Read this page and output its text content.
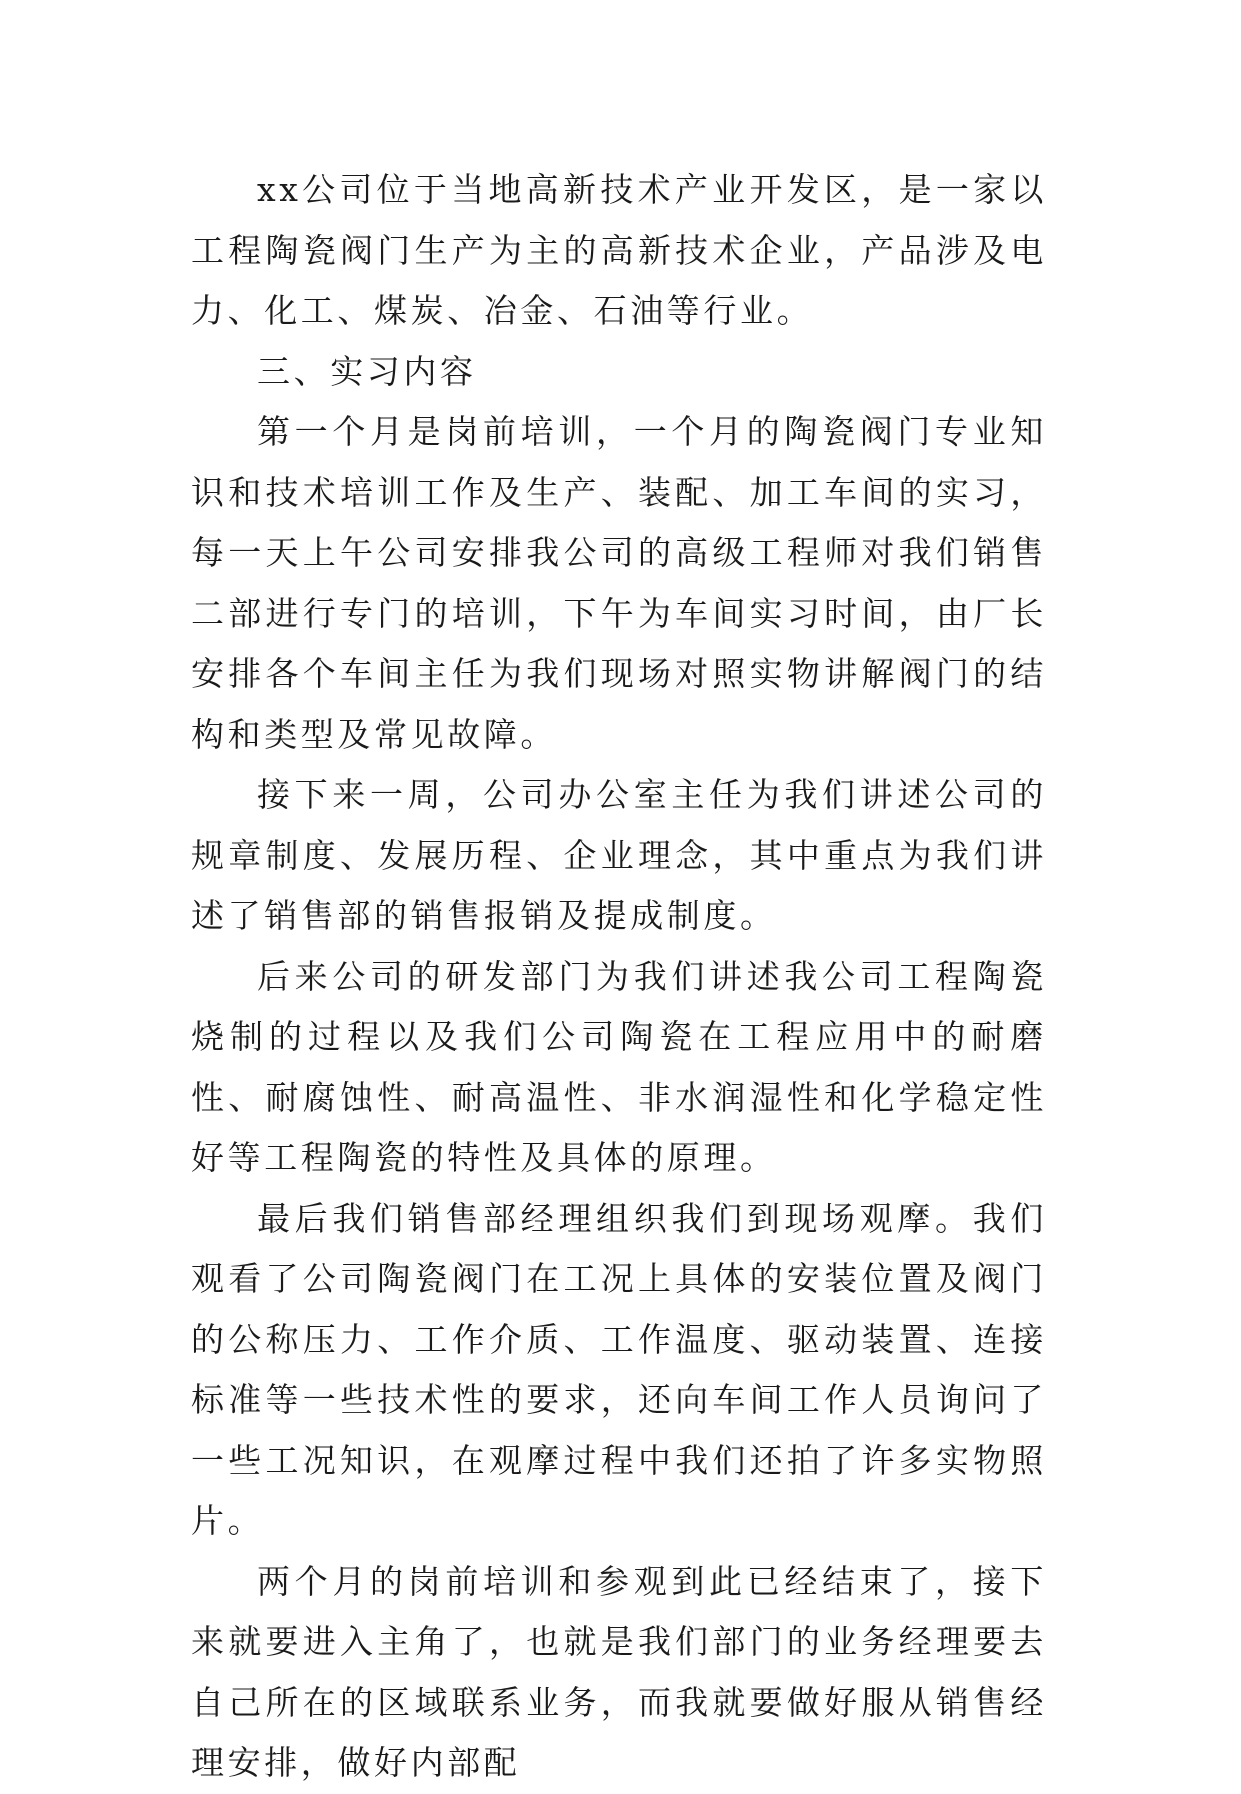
xx公司位于当地高新技术产业开发区，是一家以工程陶瓷阀门生产为主的高新技术企业，产品涉及电力、化工、煤炭、冶金、石油等行业。

三、实习内容

第一个月是岗前培训，一个月的陶瓷阀门专业知识和技术培训工作及生产、装配、加工车间的实习，每一天上午公司安排我公司的高级工程师对我们销售二部进行专门的培训，下午为车间实习时间，由厂长安排各个车间主任为我们现场对照实物讲解阀门的结构和类型及常见故障。

接下来一周，公司办公室主任为我们讲述公司的规章制度、发展历程、企业理念，其中重点为我们讲述了销售部的销售报销及提成制度。

后来公司的研发部门为我们讲述我公司工程陶瓷烧制的过程以及我们公司陶瓷在工程应用中的耐磨性、耐腐蚀性、耐高温性、非水润湿性和化学稳定性好等工程陶瓷的特性及具体的原理。

最后我们销售部经理组织我们到现场观摩。我们观看了公司陶瓷阀门在工况上具体的安装位置及阀门的公称压力、工作介质、工作温度、驱动装置、连接标准等一些技术性的要求，还向车间工作人员询问了一些工况知识，在观摩过程中我们还拍了许多实物照片。

两个月的岗前培训和参观到此已经结束了，接下来就要进入主角了，也就是我们部门的业务经理要去自己所在的区域联系业务，而我就要做好服从销售经理安排，做好内部配
